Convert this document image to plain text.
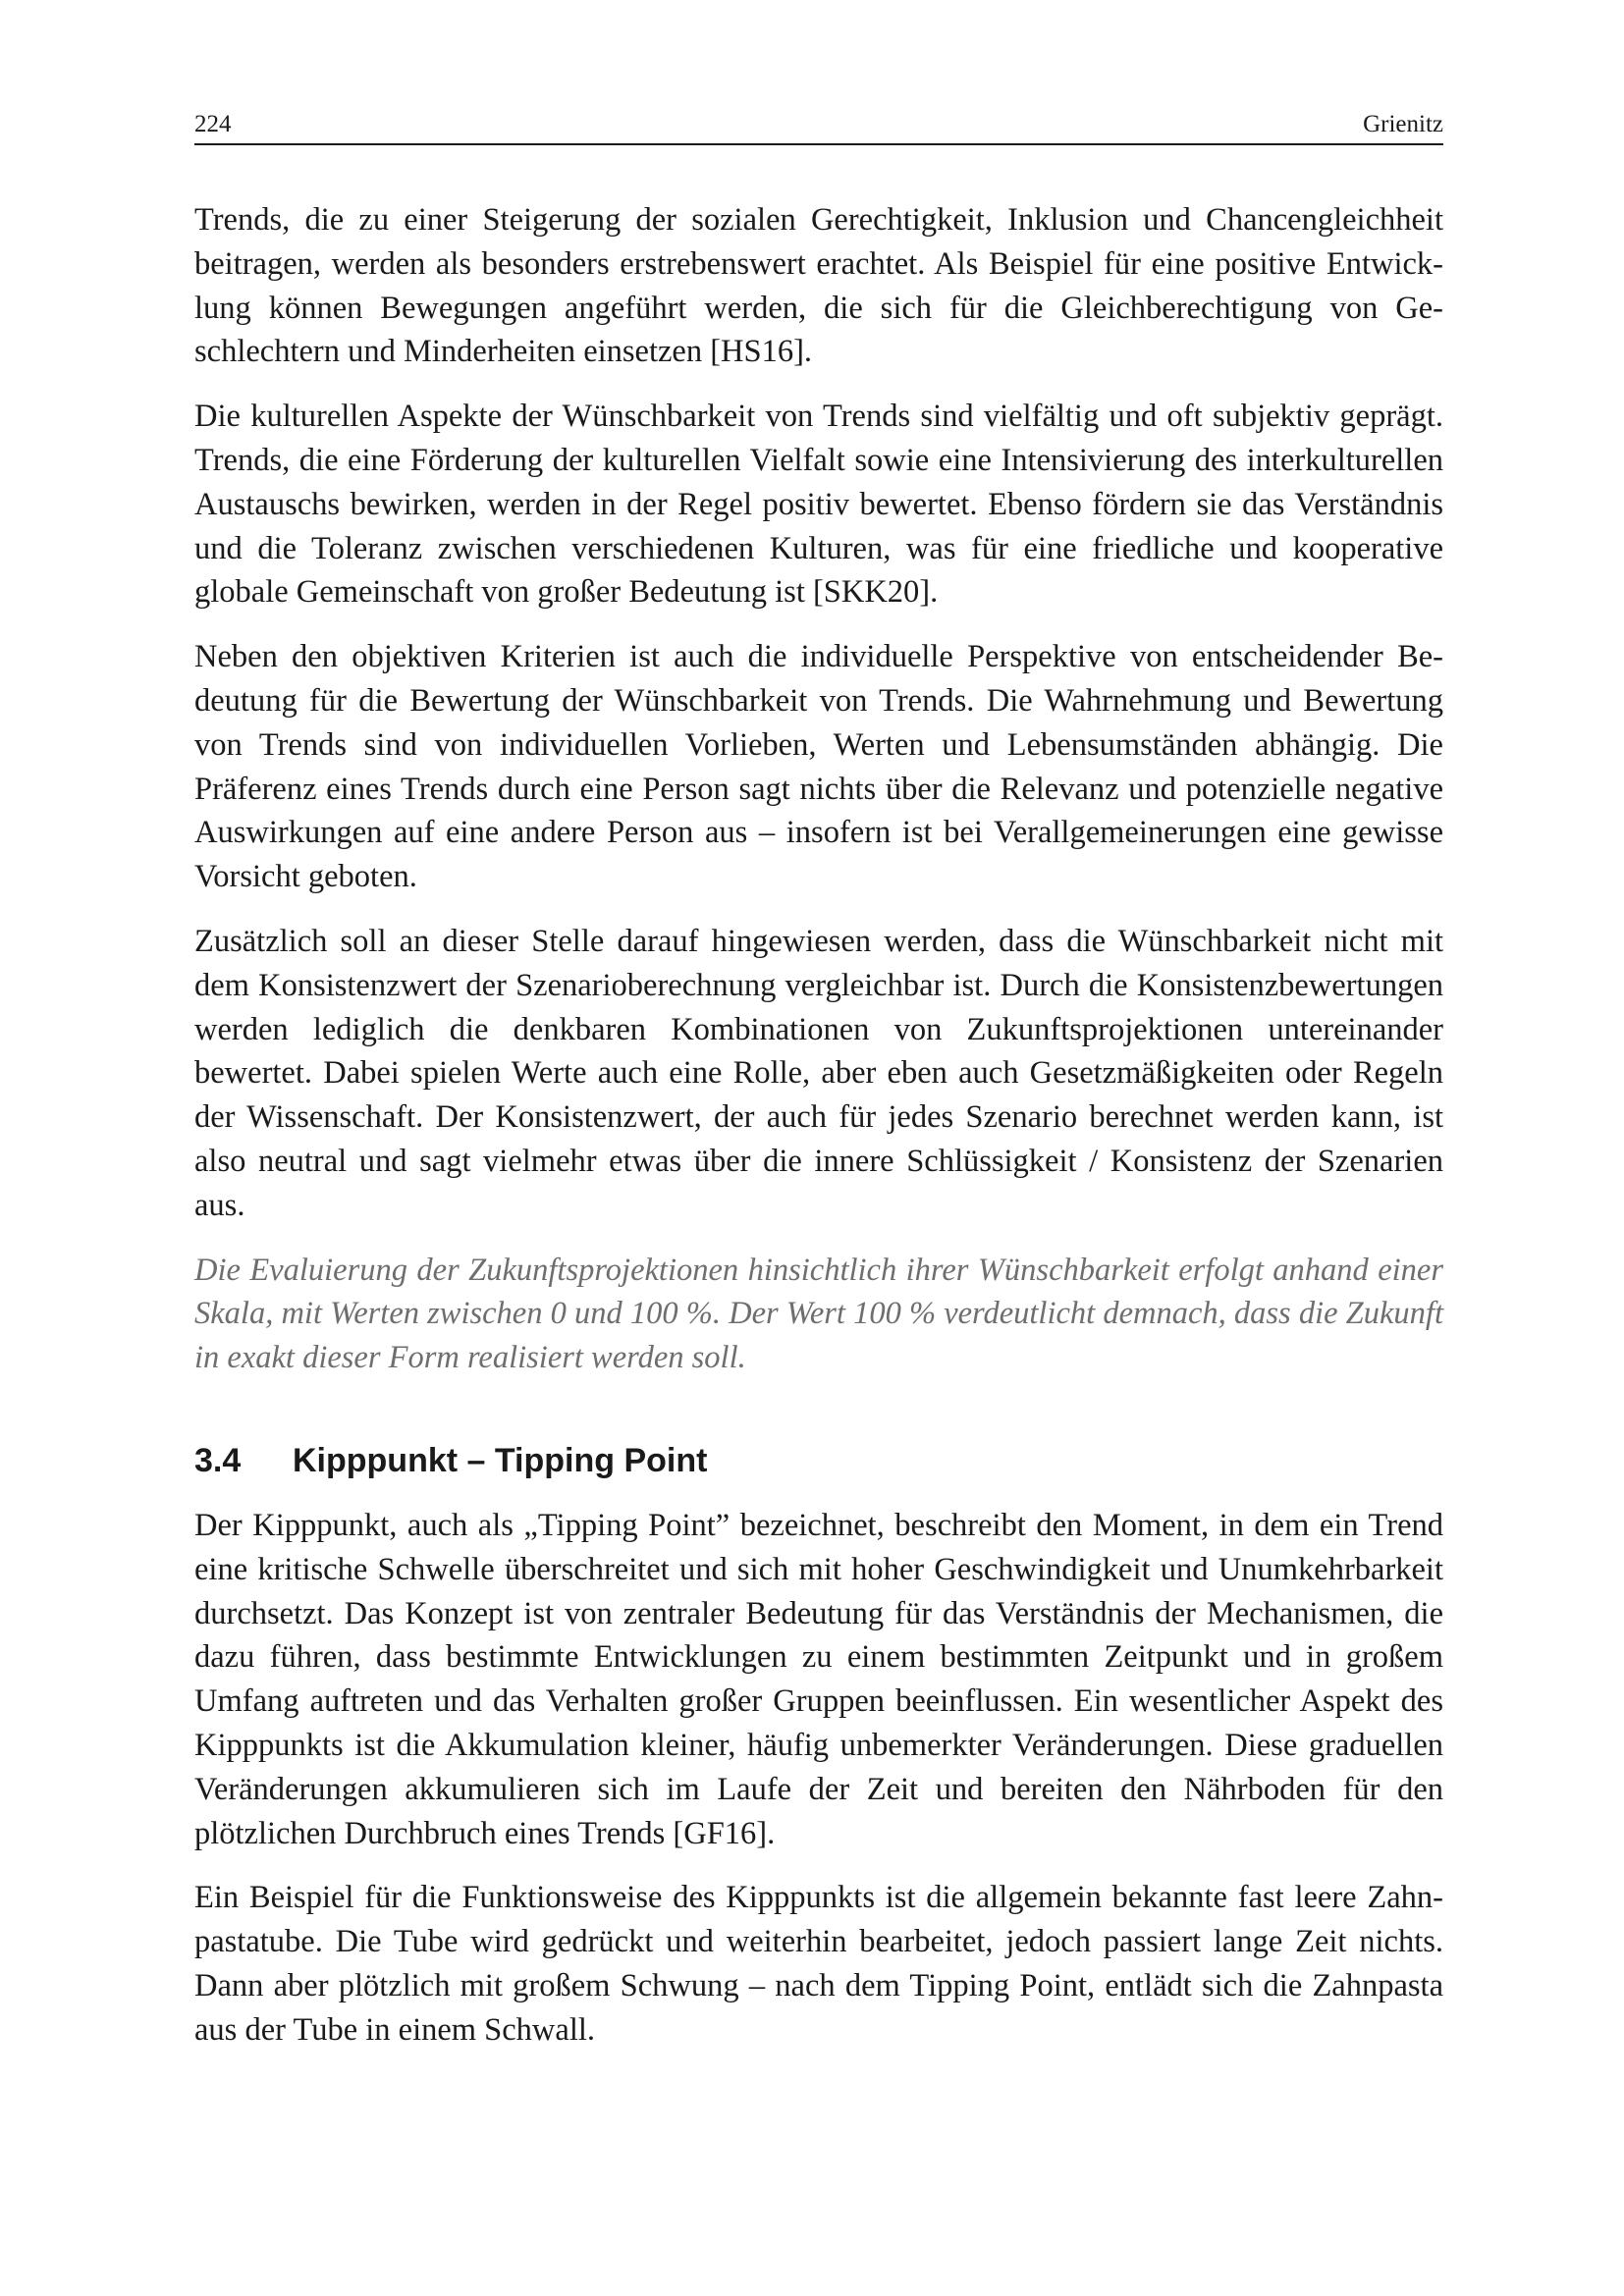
224	Grienitz

Trends, die zu einer Steigerung der sozialen Gerechtigkeit, Inklusion und Chancengleichheit beitragen, werden als besonders erstrebenswert erachtet. Als Beispiel für eine positive Entwicklung können Bewegungen angeführt werden, die sich für die Gleichberechtigung von Geschlechtern und Minderheiten einsetzen [HS16].

Die kulturellen Aspekte der Wünschbarkeit von Trends sind vielfältig und oft subjektiv geprägt. Trends, die eine Förderung der kulturellen Vielfalt sowie eine Intensivierung des interkulturellen Austauschs bewirken, werden in der Regel positiv bewertet. Ebenso fördern sie das Verständnis und die Toleranz zwischen verschiedenen Kulturen, was für eine friedliche und kooperative globale Gemeinschaft von großer Bedeutung ist [SKK20].

Neben den objektiven Kriterien ist auch die individuelle Perspektive von entscheidender Bedeutung für die Bewertung der Wünschbarkeit von Trends. Die Wahrnehmung und Bewertung von Trends sind von individuellen Vorlieben, Werten und Lebensumständen abhängig. Die Präferenz eines Trends durch eine Person sagt nichts über die Relevanz und potenzielle negative Auswirkungen auf eine andere Person aus – insofern ist bei Verallgemeinerungen eine gewisse Vorsicht geboten.

Zusätzlich soll an dieser Stelle darauf hingewiesen werden, dass die Wünschbarkeit nicht mit dem Konsistenzwert der Szenarioberechnung vergleichbar ist. Durch die Konsistenzbewertungen werden lediglich die denkbaren Kombinationen von Zukunftsprojektionen untereinander bewertet. Dabei spielen Werte auch eine Rolle, aber eben auch Gesetzmäßigkeiten oder Regeln der Wissenschaft. Der Konsistenzwert, der auch für jedes Szenario berechnet werden kann, ist also neutral und sagt vielmehr etwas über die innere Schlüssigkeit / Konsistenz der Szenarien aus.

Die Evaluierung der Zukunftsprojektionen hinsichtlich ihrer Wünschbarkeit erfolgt anhand einer Skala, mit Werten zwischen 0 und 100 %. Der Wert 100 % verdeutlicht demnach, dass die Zukunft in exakt dieser Form realisiert werden soll.

3.4	Kipppunkt – Tipping Point

Der Kipppunkt, auch als „Tipping Point” bezeichnet, beschreibt den Moment, in dem ein Trend eine kritische Schwelle überschreitet und sich mit hoher Geschwindigkeit und Unumkehrbarkeit durchsetzt. Das Konzept ist von zentraler Bedeutung für das Verständnis der Mechanismen, die dazu führen, dass bestimmte Entwicklungen zu einem bestimmten Zeitpunkt und in großem Umfang auftreten und das Verhalten großer Gruppen beeinflussen. Ein wesentlicher Aspekt des Kipppunkts ist die Akkumulation kleiner, häufig unbemerkter Veränderungen. Diese graduellen Veränderungen akkumulieren sich im Laufe der Zeit und bereiten den Nährboden für den plötzlichen Durchbruch eines Trends [GF16].

Ein Beispiel für die Funktionsweise des Kipppunkts ist die allgemein bekannte fast leere Zahnpastatube. Die Tube wird gedrückt und weiterhin bearbeitet, jedoch passiert lange Zeit nichts. Dann aber plötzlich mit großem Schwung – nach dem Tipping Point, entlädt sich die Zahnpasta aus der Tube in einem Schwall.
